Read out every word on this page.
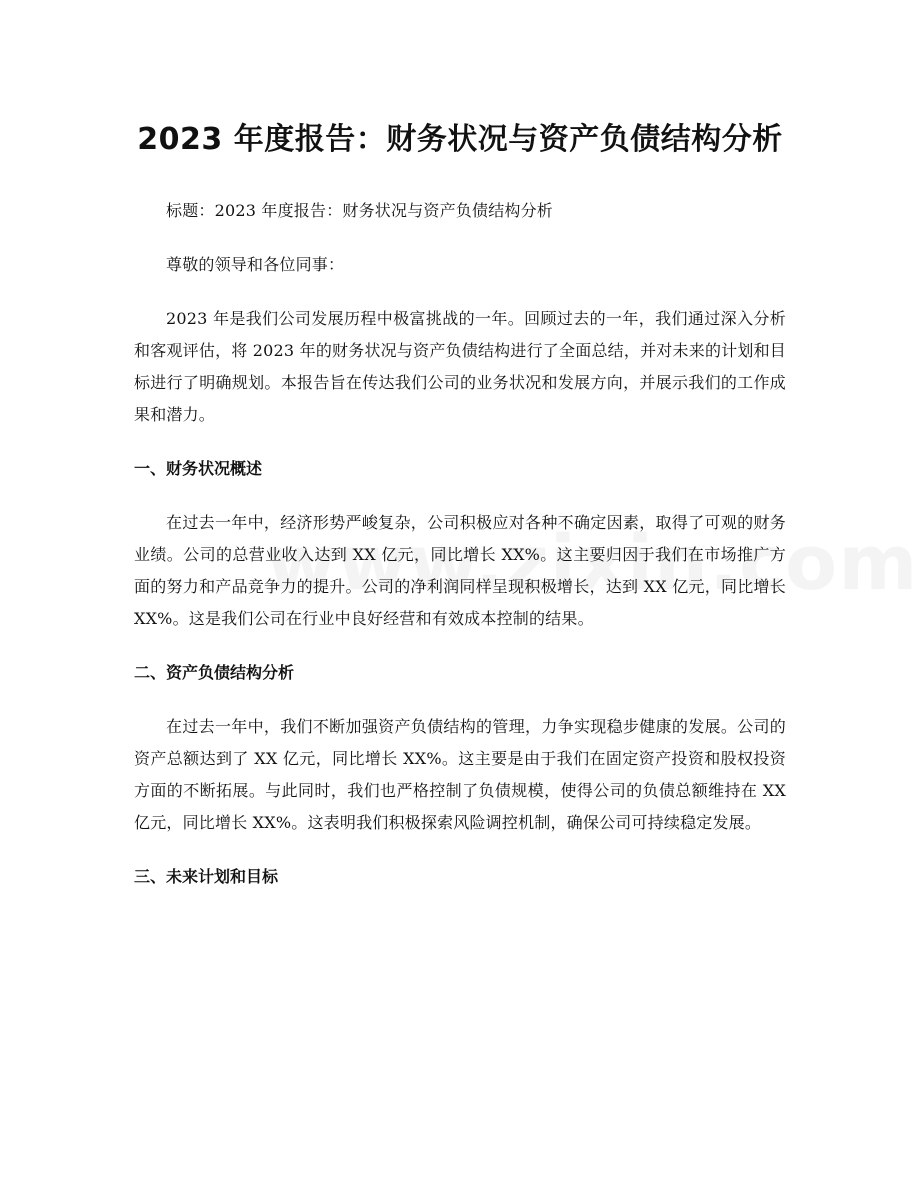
2023 年度报告：财务状况与资产负债结构分析

标题：2023 年度报告：财务状况与资产负债结构分析

尊敬的领导和各位同事：

2023 年是我们公司发展历程中极富挑战的一年。回顾过去的一年，我们通过深入分析和客观评估，将 2023 年的财务状况与资产负债结构进行了全面总结，并对未来的计划和目标进行了明确规划。本报告旨在传达我们公司的业务状况和发展方向，并展示我们的工作成果和潜力。

一、财务状况概述

在过去一年中，经济形势严峻复杂，公司积极应对各种不确定因素，取得了可观的财务业绩。公司的总营业收入达到 XX 亿元，同比增长 XX%。这主要归因于我们在市场推广方面的努力和产品竞争力的提升。公司的净利润同样呈现积极增长，达到 XX 亿元，同比增长 XX%。这是我们公司在行业中良好经营和有效成本控制的结果。

二、资产负债结构分析

在过去一年中，我们不断加强资产负债结构的管理，力争实现稳步健康的发展。公司的资产总额达到了 XX 亿元，同比增长 XX%。这主要是由于我们在固定资产投资和股权投资方面的不断拓展。与此同时，我们也严格控制了负债规模，使得公司的负债总额维持在 XX 亿元，同比增长 XX%。这表明我们积极探索风险调控机制，确保公司可持续稳定发展。

三、未来计划和目标
